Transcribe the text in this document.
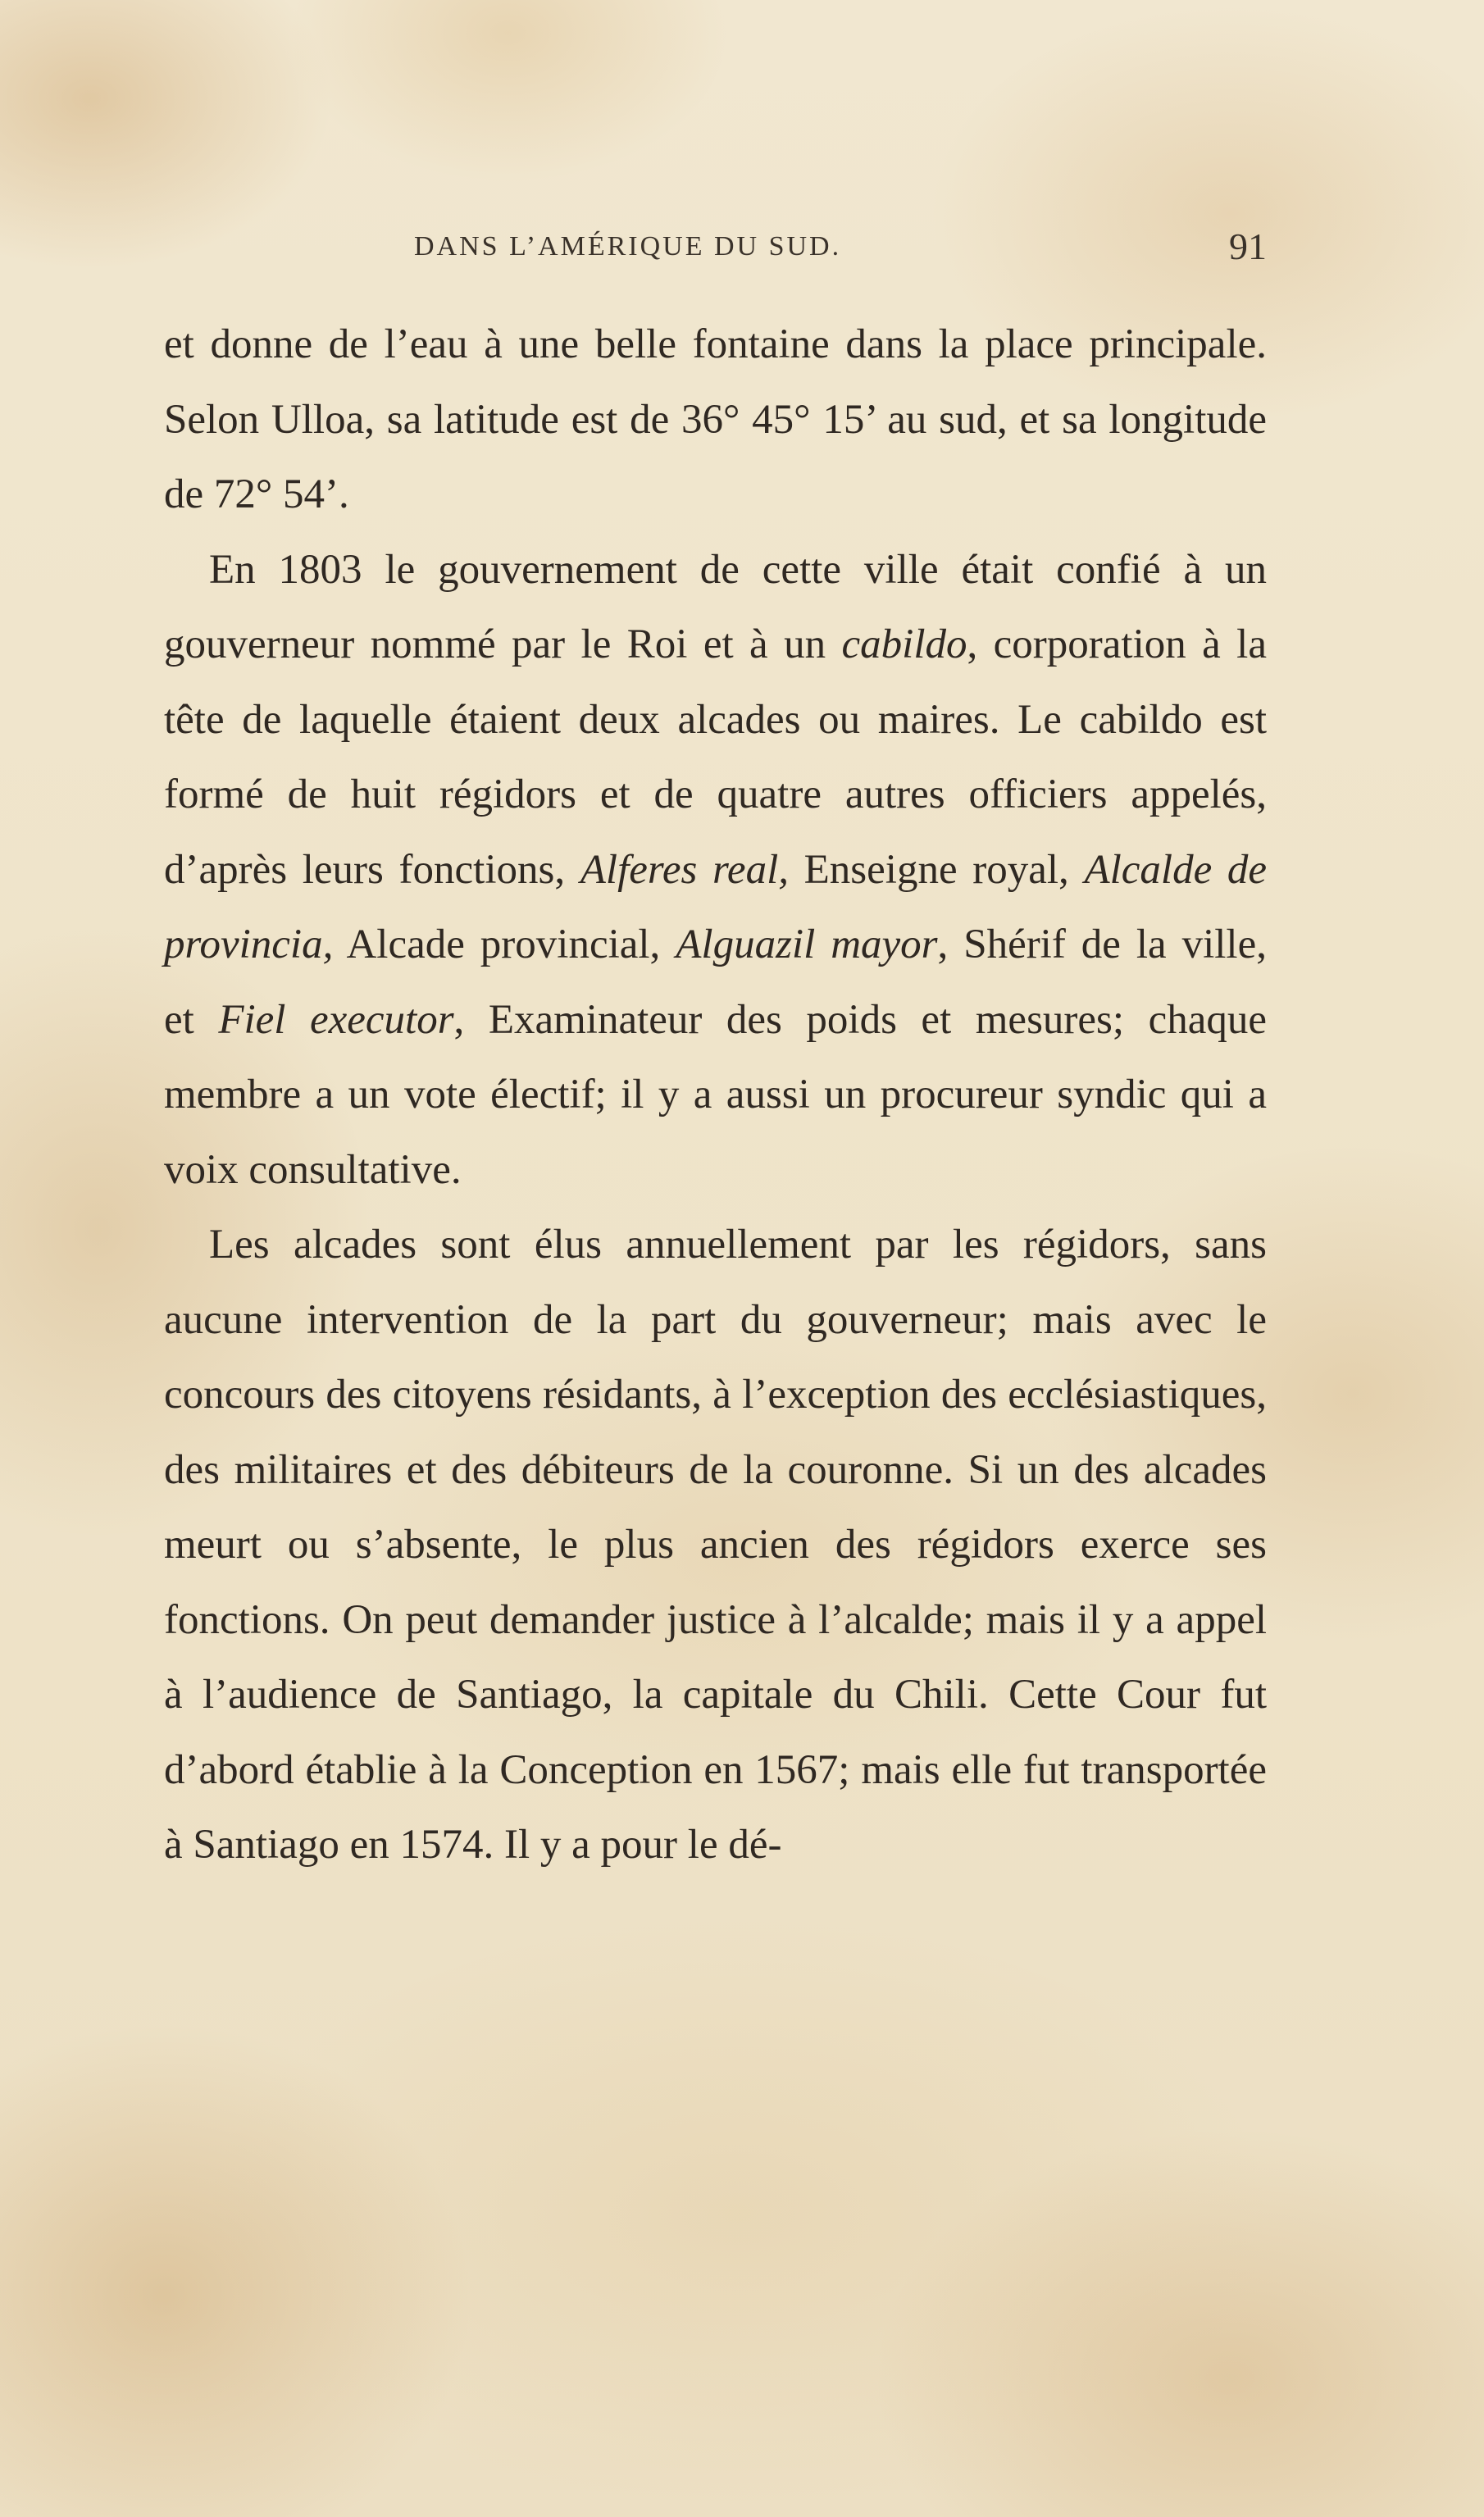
DANS L’AMÉRIQUE DU SUD.	91

et donne de l’eau à une belle fontaine dans la place principale. Selon Ulloa, sa latitude est de 36° 45° 15’ au sud, et sa longitude de 72° 54’.

En 1803 le gouvernement de cette ville était confié à un gouverneur nommé par le Roi et à un cabildo, corporation à la tête de laquelle étaient deux alcades ou maires. Le cabildo est formé de huit régidors et de quatre autres officiers appelés, d’après leurs fonctions, Alferes real, Enseigne royal, Alcalde de provincia, Alcade provincial, Alguazil mayor, Shérif de la ville, et Fiel executor, Examinateur des poids et mesures; chaque membre a un vote électif; il y a aussi un procureur syndic qui a voix consultative.

Les alcades sont élus annuellement par les régidors, sans aucune intervention de la part du gouverneur; mais avec le concours des citoyens résidants, à l’exception des ecclésiastiques, des militaires et des débiteurs de la couronne. Si un des alcades meurt ou s’absente, le plus ancien des régidors exerce ses fonctions. On peut demander justice à l’alcalde; mais il y a appel à l’audience de Santiago, la capitale du Chili. Cette Cour fut d’abord établie à la Conception en 1567; mais elle fut transportée à Santiago en 1574. Il y a pour le dé-
